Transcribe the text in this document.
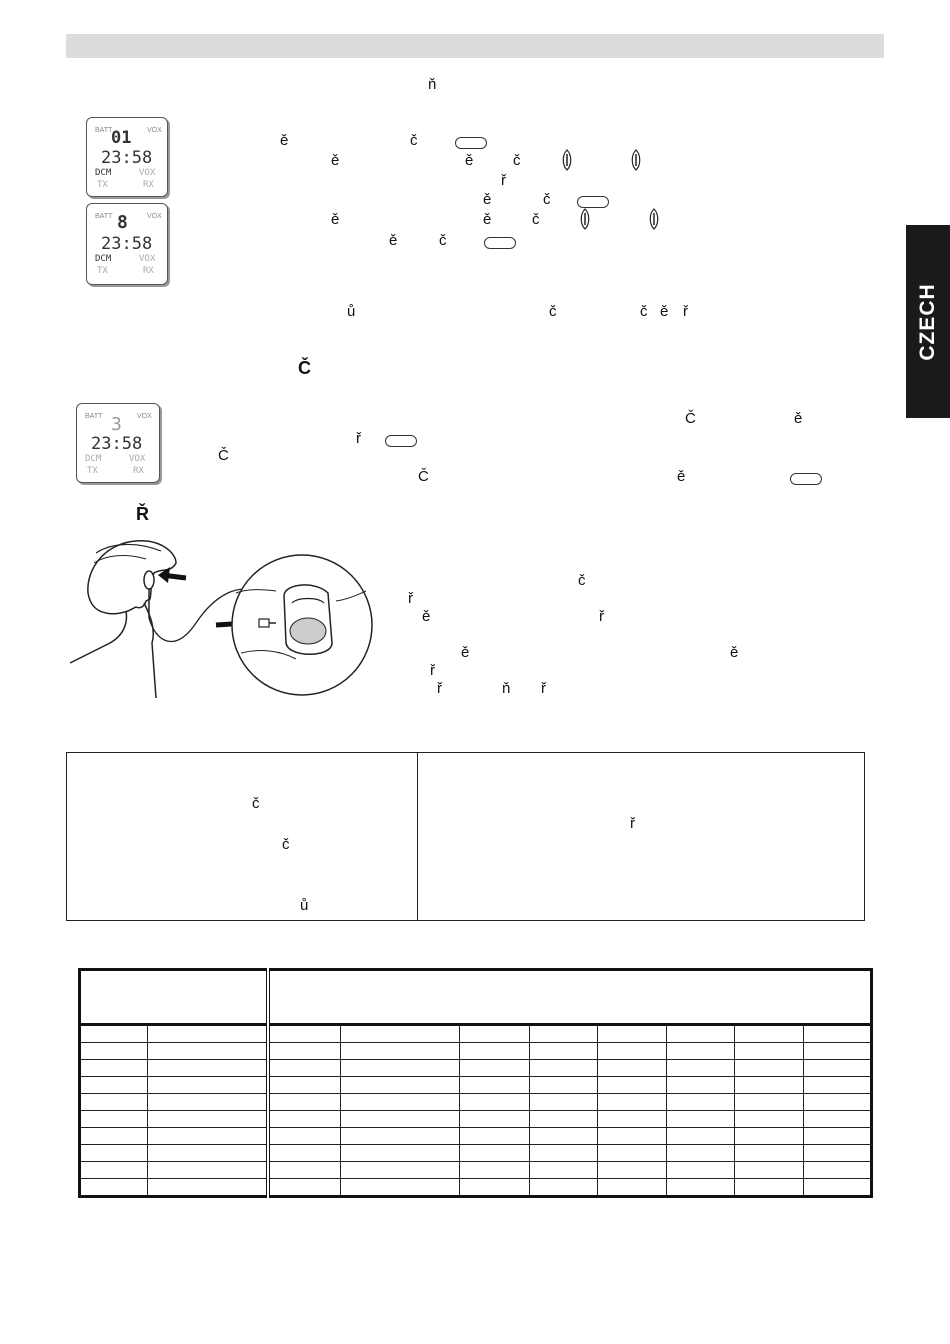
ň
CZECH
BATT	VOX
01
23:58
DCM	VOX
TX	RX
BATT	VOX
8
23:58
DCM	VOX
TX	RX
ě	č
ě	ě	č
ř
ě	č
ě	ě	č
ě	č
ů	č	č ě ř
Č
BATT	VOX
3
23:58
DCM	VOX
TX	RX
Č	ě
ř
Č
Č	ě
Ř
č
ř
ě	ř
ě	ě
ř
ř	ň ř
č
č
ů
ř
